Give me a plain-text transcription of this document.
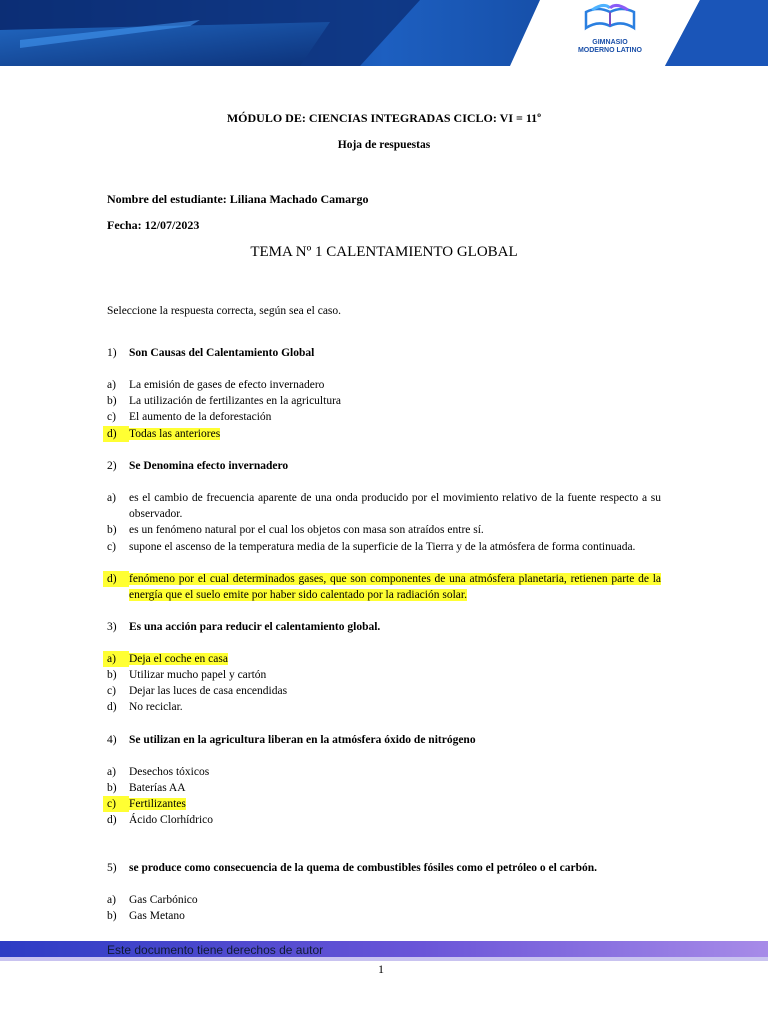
GIMNASIO
MODERNO LATINO
MÓDULO DE: CIENCIAS INTEGRADAS CICLO: VI = 11º
Hoja de respuestas
Nombre del estudiante: Liliana Machado Camargo
Fecha: 12/07/2023
TEMA Nº 1 CALENTAMIENTO GLOBAL
Seleccione la respuesta correcta, según sea el caso.
1) Son Causas del Calentamiento Global
a) La emisión de gases de efecto invernadero
b) La utilización de fertilizantes en la agricultura
c) El aumento de la deforestación
d)	Todas las anteriores
2) Se Denomina efecto invernadero
a) es el cambio de frecuencia aparente de una onda producido por el movimiento relativo de la fuente respecto a su observador.
b) es un fenómeno natural por el cual los objetos con masa son atraídos entre sí.
c) supone el ascenso de la temperatura media de la superficie de la Tierra y de la atmósfera de forma continuada.
d)	fenómeno por el cual determinados gases, que son componentes de una atmósfera planetaria, retienen parte de la energía que el suelo emite por haber sido calentado por la radiación solar.
3) Es una acción para reducir el calentamiento global.
a)	Deja el coche en casa
b) Utilizar mucho papel y cartón
c) Dejar las luces de casa encendidas
d) No reciclar.
4) Se utilizan en la agricultura liberan en la atmósfera óxido de nitrógeno
a) Desechos tóxicos
b) Baterías AA
c)	Fertilizantes
d) Ácido Clorhídrico
5) se produce como consecuencia de la quema de combustibles fósiles como el petróleo o el carbón.
a) Gas Carbónico
b) Gas Metano
Este documento tiene derechos de autor
1
